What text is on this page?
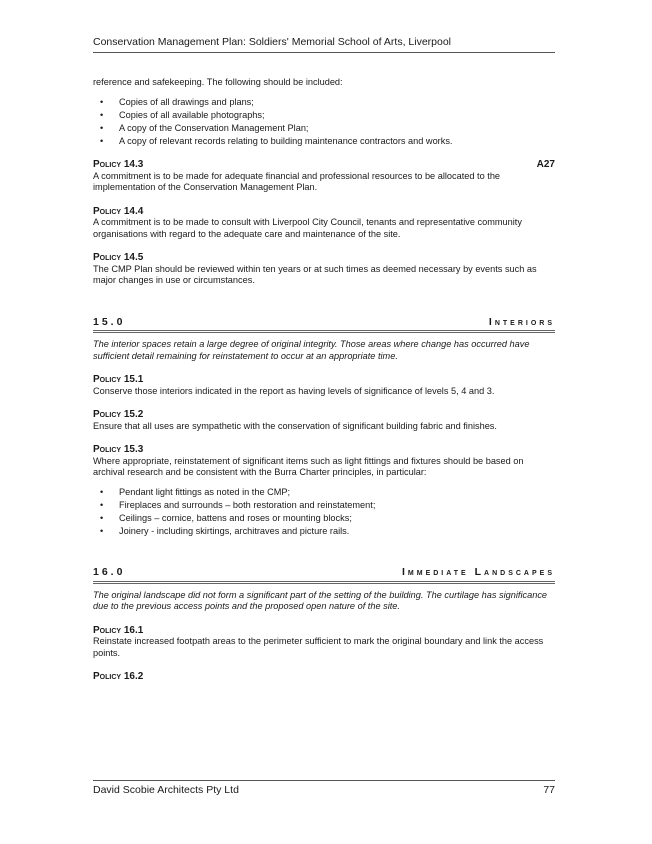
Conservation Management Plan: Soldiers' Memorial School of Arts, Liverpool

reference and safekeeping. The following should be included:

• Copies of all drawings and plans;
• Copies of all available photographs;
• A copy of the Conservation Management Plan;
• A copy of relevant records relating to building maintenance contractors and works.
Policy 14.3	A27

A commitment is to be made for adequate financial and professional resources to be allocated to the implementation of the Conservation Management Plan.

Policy 14.4

A commitment is to be made to consult with Liverpool City Council, tenants and representative community organisations with regard to the adequate care and maintenance of the site.

Policy 14.5

The CMP Plan should be reviewed within ten years or at such times as deemed necessary by events such as major changes in use or circumstances.

15.0	Interiors

The interior spaces retain a large degree of original integrity. Those areas where change has occurred have sufficient detail remaining for reinstatement to occur at an appropriate time.

Policy 15.1

Conserve those interiors indicated in the report as having levels of significance of levels 5, 4 and 3.

Policy 15.2

Ensure that all uses are sympathetic with the conservation of significant building fabric and finishes.

Policy 15.3

Where appropriate, reinstatement of significant items such as light fittings and fixtures should be based on archival research and be consistent with the Burra Charter principles, in particular:

• Pendant light fittings as noted in the CMP;
• Fireplaces and surrounds – both restoration and reinstatement;
• Ceilings – cornice, battens and roses or mounting blocks;
• Joinery - including skirtings, architraves and picture rails.
16.0	Immediate Landscapes

The original landscape did not form a significant part of the setting of the building. The curtilage has significance due to the previous access points and the proposed open nature of the site.

Policy 16.1

Reinstate increased footpath areas to the perimeter sufficient to mark the original boundary and link the access points.

Policy 16.2
David Scobie Architects Pty Ltd	77
